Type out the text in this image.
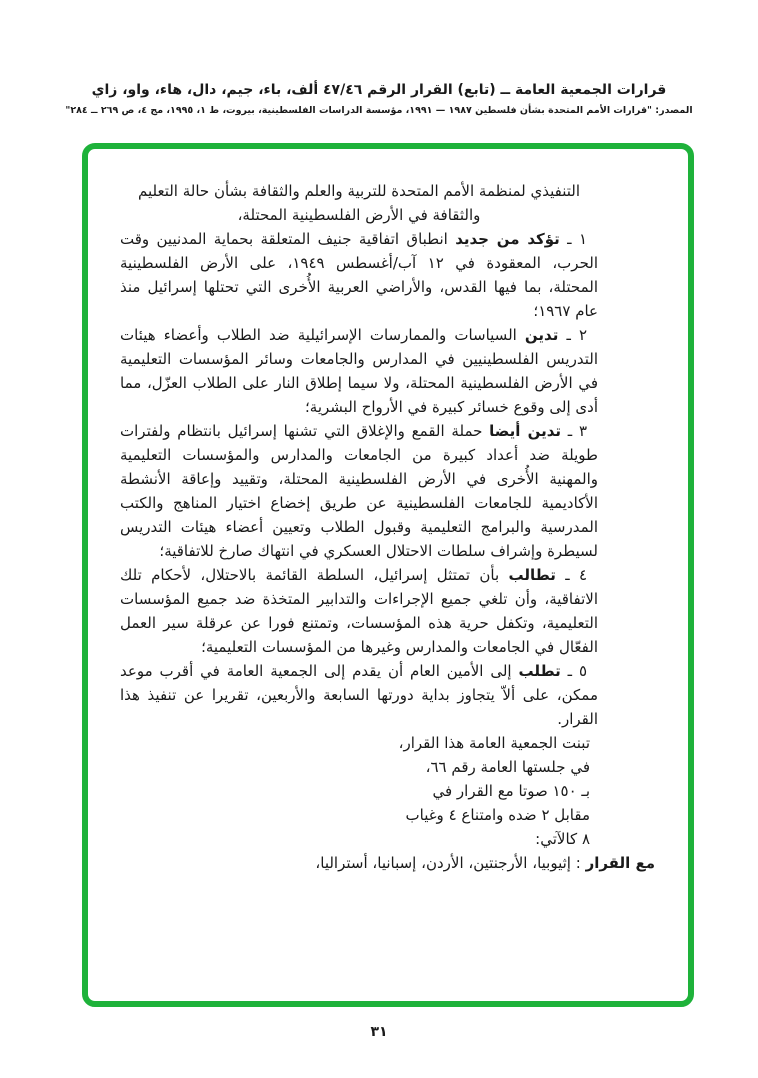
قرارات الجمعية العامة ــ (تابع) القرار الرقم ‪٤٧/٤٦‬ ألف، باء، جيم، دال، هاء، واو، زاي
المصدر: "قرارات الأمم المتحدة بشأن فلسطين ‪١٩٨٧ — ١٩٩١‬، مؤسسة الدراسات الفلسطينية، بيروت، ط ١، ١٩٩٥، مج ٤، ص ٢٦٩ ــ ٢٨٤"

التنفيذي لمنظمة الأمم المتحدة للتربية والعلم والثقافة بشأن حالة التعليم والثقافة في الأرض الفلسطينية المحتلة،

١ ـ تؤكد من جديد انطباق اتفاقية جنيف المتعلقة بحماية المدنيين وقت الحرب، المعقودة في ١٢ آب/أغسطس ١٩٤٩، على الأرض الفلسطينية المحتلة، بما فيها القدس، والأراضي العربية الأُخرى التي تحتلها إسرائيل منذ عام ١٩٦٧؛

٢ ـ تدين السياسات والممارسات الإسرائيلية ضد الطلاب وأعضاء هيئات التدريس الفلسطينيين في المدارس والجامعات وسائر المؤسسات التعليمية في الأرض الفلسطينية المحتلة، ولا سيما إطلاق النار على الطلاب العزّل، مما أدى إلى وقوع خسائر كبيرة في الأرواح البشرية؛

٣ ـ تدين أيضا حملة القمع والإغلاق التي تشنها إسرائيل بانتظام ولفترات طويلة ضد أعداد كبيرة من الجامعات والمدارس والمؤسسات التعليمية والمهنية الأُخرى في الأرض الفلسطينية المحتلة، وتقييد وإعاقة الأنشطة الأكاديمية للجامعات الفلسطينية عن طريق إخضاع اختيار المناهج والكتب المدرسية والبرامج التعليمية وقبول الطلاب وتعيين أعضاء هيئات التدريس لسيطرة وإشراف سلطات الاحتلال العسكري في انتهاك صارخ للاتفاقية؛

٤ ـ تطالب بأن تمتثل إسرائيل، السلطة القائمة بالاحتلال، لأحكام تلك الاتفاقية، وأن تلغي جميع الإجراءات والتدابير المتخذة ضد جميع المؤسسات التعليمية، وتكفل حرية هذه المؤسسات، وتمتنع فورا عن عرقلة سير العمل الفعّال في الجامعات والمدارس وغيرها من المؤسسات التعليمية؛

٥ ـ تطلب إلى الأمين العام أن يقدم إلى الجمعية العامة في أقرب موعد ممكن، على ألاّ يتجاوز بداية دورتها السابعة والأربعين، تقريرا عن تنفيذ هذا القرار.

تبنت الجمعية العامة هذا القرار،
في جلستها العامة رقم ٦٦،
بـ ١٥٠ صوتا مع القرار في
مقابل ٢ ضده وامتناع ٤ وغياب
٨ كالآتي:
مع القرار : إثيوبيا، الأرجنتين، الأردن، إسبانيا، أستراليا،
٣١
